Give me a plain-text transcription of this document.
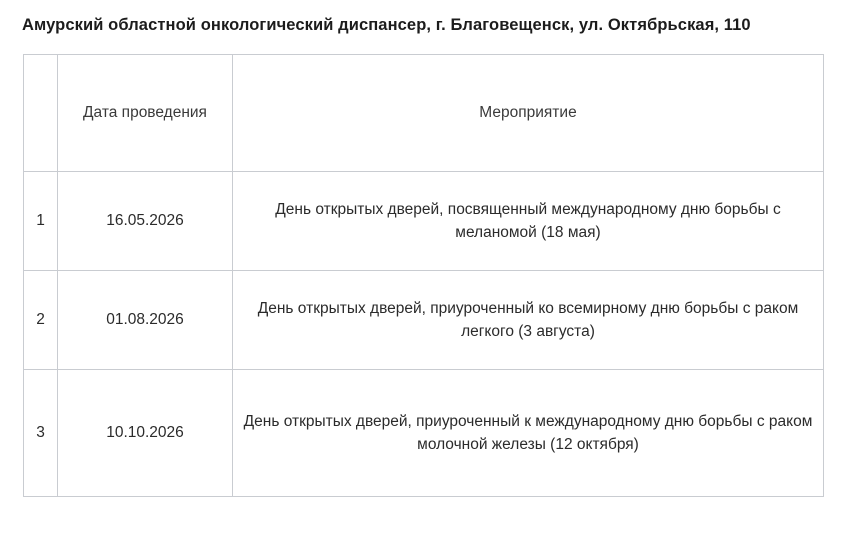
Амурский областной онкологический диспансер, г. Благовещенск, ул. Октябрьская, 110
	Дата проведения	Мероприятие
1	16.05.2026	День открытых дверей, посвященный международному дню борьбы с меланомой (18 мая)
2	01.08.2026	День открытых дверей, приуроченный ко всемирному дню борьбы с раком легкого (3 августа)
3	10.10.2026	День открытых дверей, приуроченный к международному дню борьбы с раком молочной железы (12 октября)
